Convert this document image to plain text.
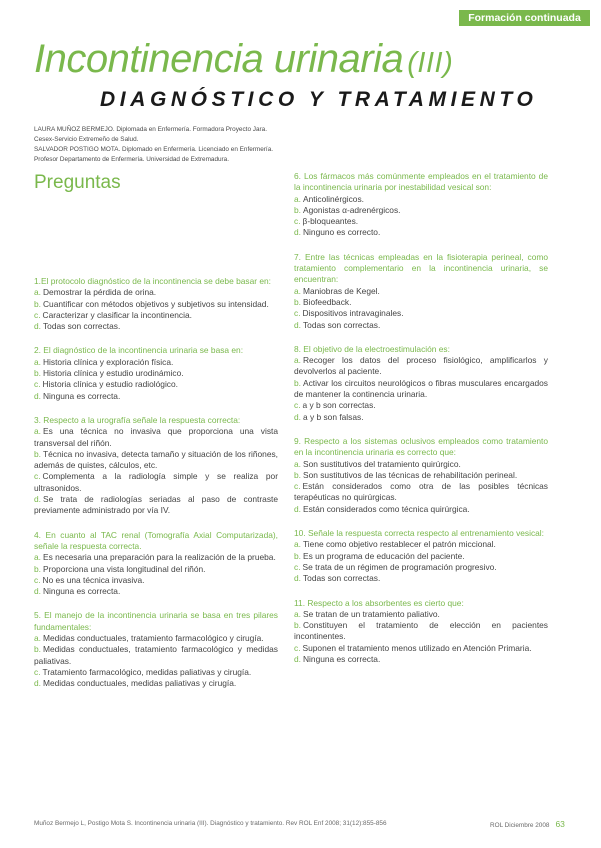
Formación continuada
Incontinencia urinaria (III)
DIAGNÓSTICO Y TRATAMIENTO
LAURA MUÑOZ BERMEJO. Diplomada en Enfermería. Formadora Proyecto Jara.
Cesex-Servicio Extremeño de Salud.
SALVADOR POSTIGO MOTA. Diplomado en Enfermería. Licenciado en Enfermería.
Profesor Departamento de Enfermería. Universidad de Extremadura.
Preguntas
1.El protocolo diagnóstico de la incontinencia se debe basar en:
a. Demostrar la pérdida de orina.
b. Cuantificar con métodos objetivos y subjetivos su intensidad.
c. Caracterizar y clasificar la incontinencia.
d. Todas son correctas.
2. El diagnóstico de la incontinencia urinaria se basa en:
a. Historia clínica y exploración física.
b. Historia clínica y estudio urodinámico.
c. Historia clínica y estudio radiológico.
d. Ninguna es correcta.
3. Respecto a la urografía señale la respuesta correcta:
a. Es una técnica no invasiva que proporciona una vista transversal del riñón.
b. Técnica no invasiva, detecta tamaño y situación de los riñones, además de quistes, cálculos, etc.
c. Complementa a la radiología simple y se realiza por ultrasonidos.
d. Se trata de radiologías seriadas al paso de contraste previamente administrado por vía IV.
4. En cuanto al TAC renal (Tomografía Axial Computarizada), señale la respuesta correcta.
a. Es necesaria una preparación para la realización de la prueba.
b. Proporciona una vista longitudinal del riñón.
c. No es una técnica invasiva.
d. Ninguna es correcta.
5. El manejo de la incontinencia urinaria se basa en tres pilares fundamentales:
a. Medidas conductuales, tratamiento farmacológico y cirugía.
b. Medidas conductuales, tratamiento farmacológico y medidas paliativas.
c. Tratamiento farmacológico, medidas paliativas y cirugía.
d. Medidas conductuales, medidas paliativas y cirugía.
6. Los fármacos más comúnmente empleados en el tratamiento de la incontinencia urinaria por inestabilidad vesical son:
a. Anticolinérgicos.
b. Agonistas α-adrenérgicos.
c. β-bloqueantes.
d. Ninguno es correcto.
7. Entre las técnicas empleadas en la fisioterapia perineal, como tratamiento complementario en la incontinencia urinaria, se encuentran:
a. Maniobras de Kegel.
b. Biofeedback.
c. Dispositivos intravaginales.
d. Todas son correctas.
8. El objetivo de la electroestimulación es:
a. Recoger los datos del proceso fisiológico, amplificarlos y devolverlos al paciente.
b. Activar los circuitos neurológicos o fibras musculares encargados de mantener la continencia urinaria.
c. a y b son correctas.
d. a y b son falsas.
9. Respecto a los sistemas oclusivos empleados como tratamiento en la incontinencia urinaria es correcto que:
a. Son sustitutivos del tratamiento quirúrgico.
b. Son sustitutivos de las técnicas de rehabilitación perineal.
c. Están considerados como otra de las posibles técnicas terapéuticas no quirúrgicas.
d. Están considerados como técnica quirúrgica.
10. Señale la respuesta correcta respecto al entrenamiento vesical:
a. Tiene como objetivo restablecer el patrón miccional.
b. Es un programa de educación del paciente.
c. Se trata de un régimen de programación progresivo.
d. Todas son correctas.
11. Respecto a los absorbentes es cierto que:
a. Se tratan de un tratamiento paliativo.
b. Constituyen el tratamiento de elección en pacientes incontinentes.
c. Suponen el tratamiento menos utilizado en Atención Primaria.
d. Ninguna es correcta.
Muñoz Bermejo L, Postigo Mota S. Incontinencia urinaria (III). Diagnóstico y tratamiento. Rev ROL Enf 2008; 31(12):855-856	ROL Diciembre 2008 63
